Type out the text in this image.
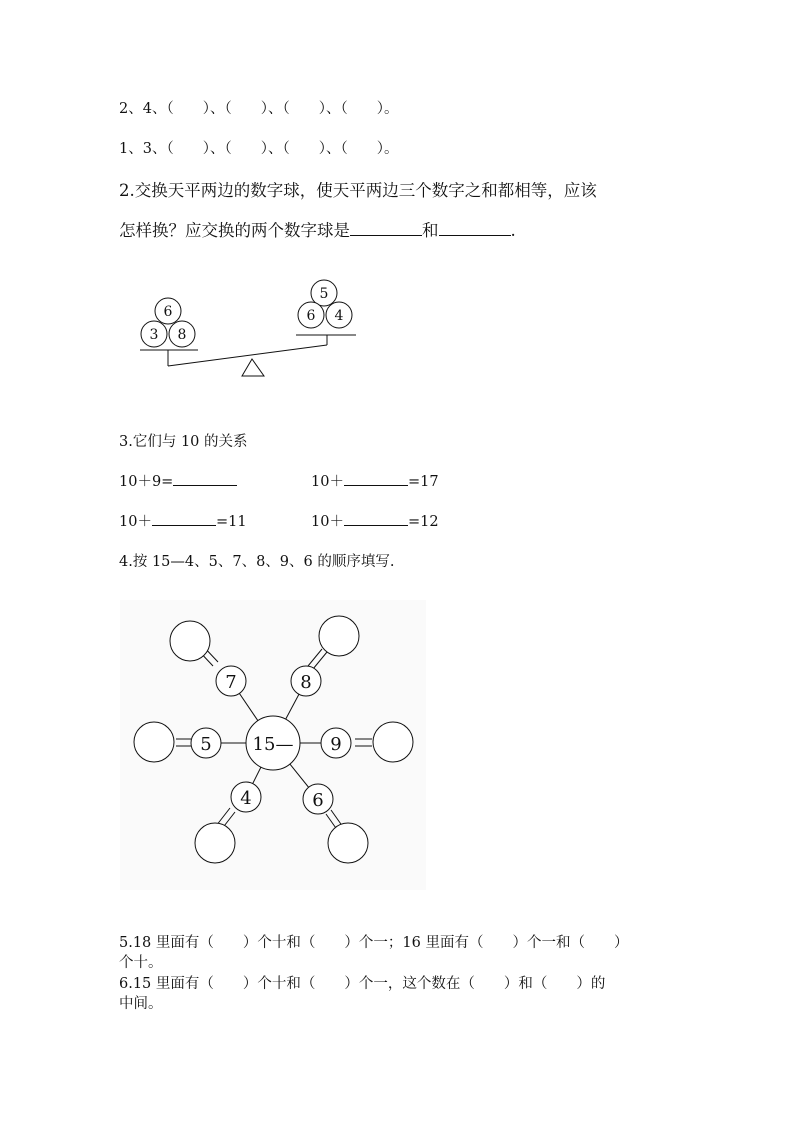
2、4、（　　）、（　　）、（　　）、（　　）。
1、3、（　　）、（　　）、（　　）、（　　）。
2.交换天平两边的数字球，使天平两边三个数字之和都相等，应该
怎样换？应交换的两个数字球是	和	.
6
3 8
5
6 4
3.它们与 10 的关系
10＋9=	10＋	=17
10＋	=11	10＋	=12
4.按 15—4、5、7、8、9、6 的顺序填写.
7	8
5	9
4	6
15—
5.18 里面有（　　）个十和（　　）个一；16 里面有（　　）个一和（　　）
个十。
6.15 里面有（　　）个十和（　　）个一，这个数在（　　）和（　　）的
中间。
